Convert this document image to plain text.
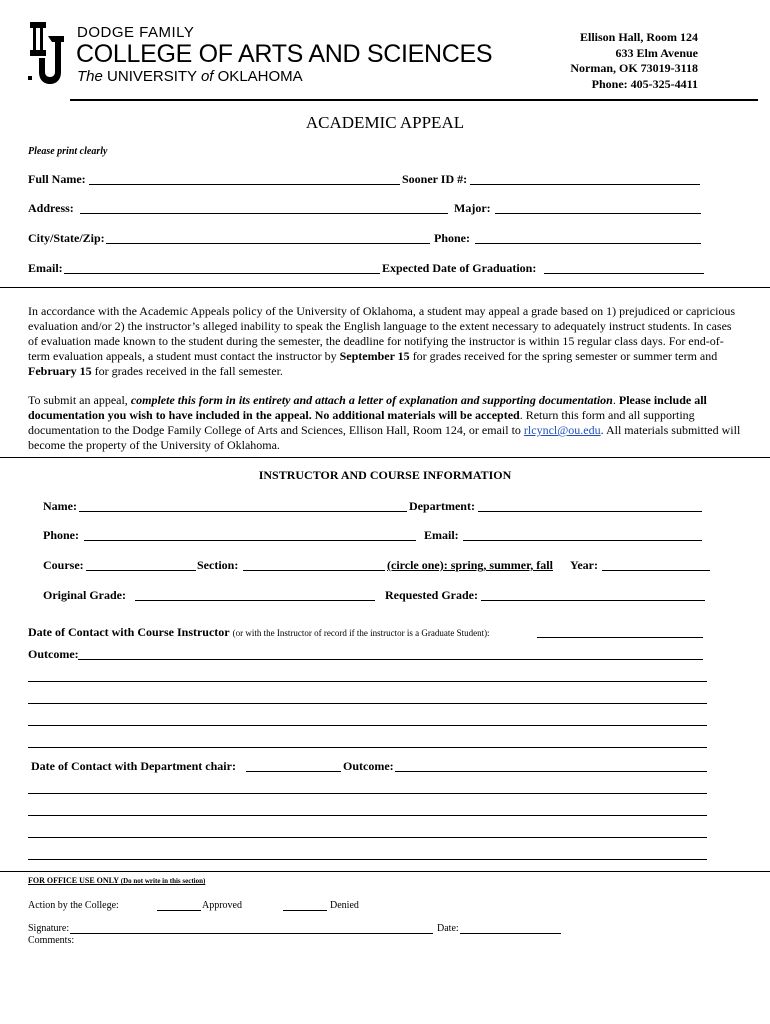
DODGE FAMILY
COLLEGE OF ARTS AND SCIENCES
The UNIVERSITY of OKLAHOMA
Ellison Hall, Room 124
633 Elm Avenue
Norman, OK 73019-3118
Phone: 405-325-4411
ACADEMIC APPEAL
Please print clearly
Full Name:	Sooner ID #:
Address:	Major:
City/State/Zip:	Phone:
Email:	Expected Date of Graduation:
In accordance with the Academic Appeals policy of the University of Oklahoma, a student may appeal a grade based on 1) prejudiced or capricious evaluation and/or 2) the instructor’s alleged inability to speak the English language to the extent necessary to adequately instruct students. In cases of evaluation made known to the student during the semester, the deadline for notifying the instructor is within 15 regular class days. For end-of-term evaluation appeals, a student must contact the instructor by September 15 for grades received for the spring semester or summer term and February 15 for grades received in the fall semester.
To submit an appeal, complete this form in its entirety and attach a letter of explanation and supporting documentation. Please include all documentation you wish to have included in the appeal. No additional materials will be accepted. Return this form and all supporting documentation to the Dodge Family College of Arts and Sciences, Ellison Hall, Room 124, or email to rlcyncl@ou.edu. All materials submitted will become the property of the University of Oklahoma.
INSTRUCTOR AND COURSE INFORMATION
Name:	Department:
Phone:	Email:
Course:	Section:	(circle one): spring, summer, fall Year:
Original Grade:	Requested Grade:
Date of Contact with Course Instructor (or with the Instructor of record if the instructor is a Graduate Student):
Outcome:
Date of Contact with Department chair:	Outcome:
FOR OFFICE USE ONLY (Do not write in this section)
Action by the College:	Approved	Denied
Signature:	Date:
Comments:
